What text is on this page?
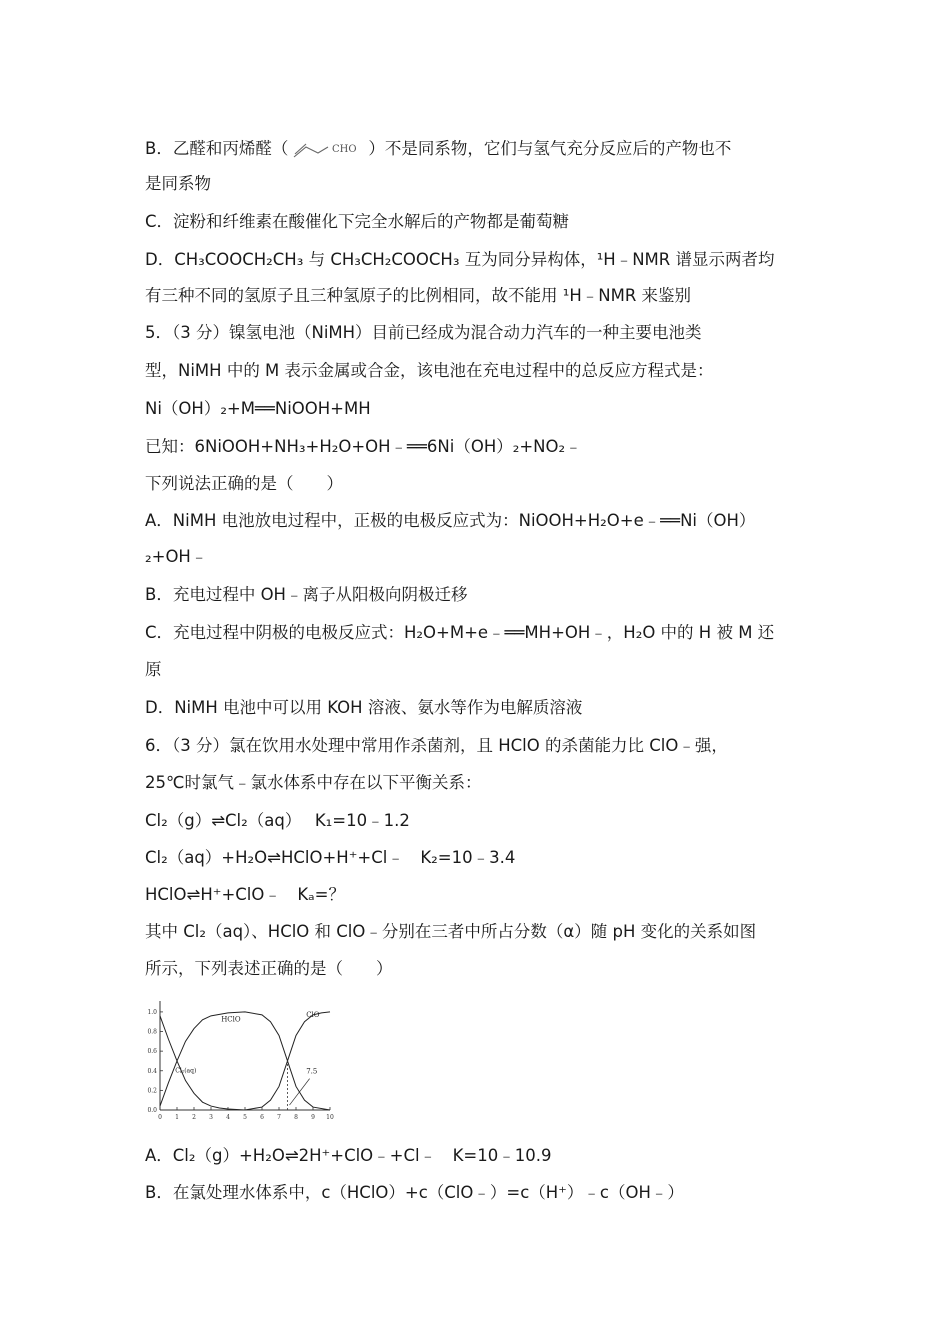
B．乙醛和丙烯醛（	CHO ）不是同系物，它们与氢气充分反应后的产物也不
是同系物
C．淀粉和纤维素在酸催化下完全水解后的产物都是葡萄糖
D．CH₃COOCH₂CH₃ 与 CH₃CH₂COOCH₃ 互为同分异构体，¹H﹣NMR 谱显示两者均
有三种不同的氢原子且三种氢原子的比例相同，故不能用 ¹H﹣NMR 来鉴别
5．（3 分）镍氢电池（NiMH）目前已经成为混合动力汽车的一种主要电池类
型，NiMH 中的 M 表示金属或合金，该电池在充电过程中的总反应方程式是：
Ni（OH）₂+M══NiOOH+MH
已知：6NiOOH+NH₃+H₂O+OH﹣══6Ni（OH）₂+NO₂﹣
下列说法正确的是（　　）
A．NiMH 电池放电过程中，正极的电极反应式为：NiOOH+H₂O+e﹣══Ni（OH）
₂+OH﹣
B．充电过程中 OH﹣离子从阳极向阴极迁移
C．充电过程中阴极的电极反应式：H₂O+M+e﹣══MH+OH﹣，H₂O 中的 H 被 M 还
原
D．NiMH 电池中可以用 KOH 溶液、氨水等作为电解质溶液
6．（3 分）氯在饮用水处理中常用作杀菌剂，且 HClO 的杀菌能力比 ClO﹣强，
25℃时氯气﹣氯水体系中存在以下平衡关系：
Cl₂（g）⇌Cl₂（aq）　 K₁=10﹣1.2
Cl₂（aq）+H₂O⇌HClO+H⁺+Cl﹣　K₂=10﹣3.4
HClO⇌H⁺+ClO﹣　Kₐ=？
其中 Cl₂（aq）、HClO 和 ClO﹣分别在三者中所占分数（α）随 pH 变化的关系如图
所示，下列表述正确的是（　　）
0 1 2 3 4 5 6 7 8 9 10
0.0
0.2
0.4
0.6
0.8
1.0
7.5
HClO
ClO
Cl₂(aq)
A．Cl₂（g）+H₂O⇌2H⁺+ClO﹣+Cl﹣　K=10﹣10.9
B．在氯处理水体系中，c（HClO）+c（ClO﹣）=c（H⁺）﹣c（OH﹣）
